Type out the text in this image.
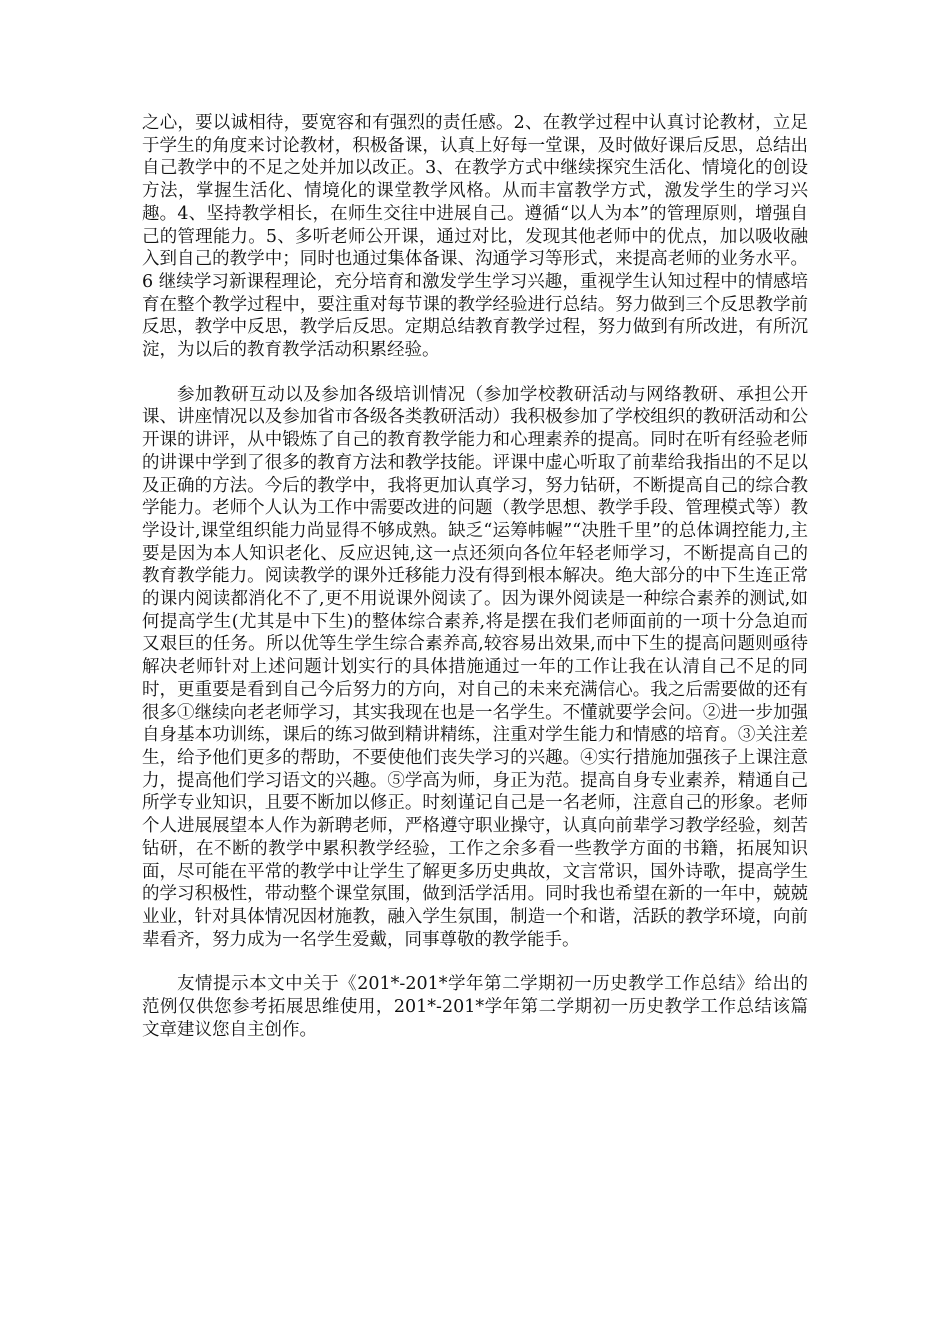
之心，要以诚相待，要宽容和有强烈的责任感。2、在教学过程中认真讨论教材，立足于学生的角度来讨论教材，积极备课，认真上好每一堂课，及时做好课后反思，总结出自己教学中的不足之处并加以改正。3、在教学方式中继续探究生活化、情境化的创设方法，掌握生活化、情境化的课堂教学风格。从而丰富教学方式，激发学生的学习兴趣。4、坚持教学相长，在师生交往中进展自己。遵循“以人为本”的管理原则，增强自己的管理能力。5、多听老师公开课，通过对比，发现其他老师中的优点，加以吸收融入到自己的教学中；同时也通过集体备课、沟通学习等形式，来提高老师的业务水平。6 继续学习新课程理论，充分培育和激发学生学习兴趣，重视学生认知过程中的情感培育在整个教学过程中，要注重对每节课的教学经验进行总结。努力做到三个反思教学前反思，教学中反思，教学后反思。定期总结教育教学过程，努力做到有所改进，有所沉淀，为以后的教育教学活动积累经验。

参加教研互动以及参加各级培训情况（参加学校教研活动与网络教研、承担公开课、讲座情况以及参加省市各级各类教研活动）我积极参加了学校组织的教研活动和公开课的讲评，从中锻炼了自己的教育教学能力和心理素养的提高。同时在听有经验老师的讲课中学到了很多的教育方法和教学技能。评课中虚心听取了前辈给我指出的不足以及正确的方法。今后的教学中，我将更加认真学习，努力钻研，不断提高自己的综合教学能力。老师个人认为工作中需要改进的问题（教学思想、教学手段、管理模式等）教学设计,课堂组织能力尚显得不够成熟。缺乏“运筹帏幄”“决胜千里”的总体调控能力,主要是因为本人知识老化、反应迟钝,这一点还须向各位年轻老师学习，不断提高自己的教育教学能力。阅读教学的课外迁移能力没有得到根本解决。绝大部分的中下生连正常的课内阅读都消化不了,更不用说课外阅读了。因为课外阅读是一种综合素养的测试,如何提高学生(尤其是中下生)的整体综合素养,将是摆在我们老师面前的一项十分急迫而又艰巨的任务。所以优等生学生综合素养高,较容易出效果,而中下生的提高问题则亟待解决老师针对上述问题计划实行的具体措施通过一年的工作让我在认清自己不足的同时，更重要是看到自己今后努力的方向，对自己的未来充满信心。我之后需要做的还有很多①继续向老老师学习，其实我现在也是一名学生。不懂就要学会问。②进一步加强自身基本功训练，课后的练习做到精讲精练，注重对学生能力和情感的培育。③关注差生，给予他们更多的帮助，不要使他们丧失学习的兴趣。④实行措施加强孩子上课注意力，提高他们学习语文的兴趣。⑤学高为师，身正为范。提高自身专业素养，精通自己所学专业知识，且要不断加以修正。时刻谨记自己是一名老师，注意自己的形象。老师个人进展展望本人作为新聘老师，严格遵守职业操守，认真向前辈学习教学经验，刻苦钻研，在不断的教学中累积教学经验，工作之余多看一些教学方面的书籍，拓展知识面，尽可能在平常的教学中让学生了解更多历史典故，文言常识，国外诗歌，提高学生的学习积极性，带动整个课堂氛围，做到活学活用。同时我也希望在新的一年中，兢兢业业，针对具体情况因材施教，融入学生氛围，制造一个和谐，活跃的教学环境，向前辈看齐，努力成为一名学生爱戴，同事尊敬的教学能手。

友情提示本文中关于《201*-201*学年第二学期初一历史教学工作总结》给出的范例仅供您参考拓展思维使用，201*-201*学年第二学期初一历史教学工作总结该篇文章建议您自主创作。
